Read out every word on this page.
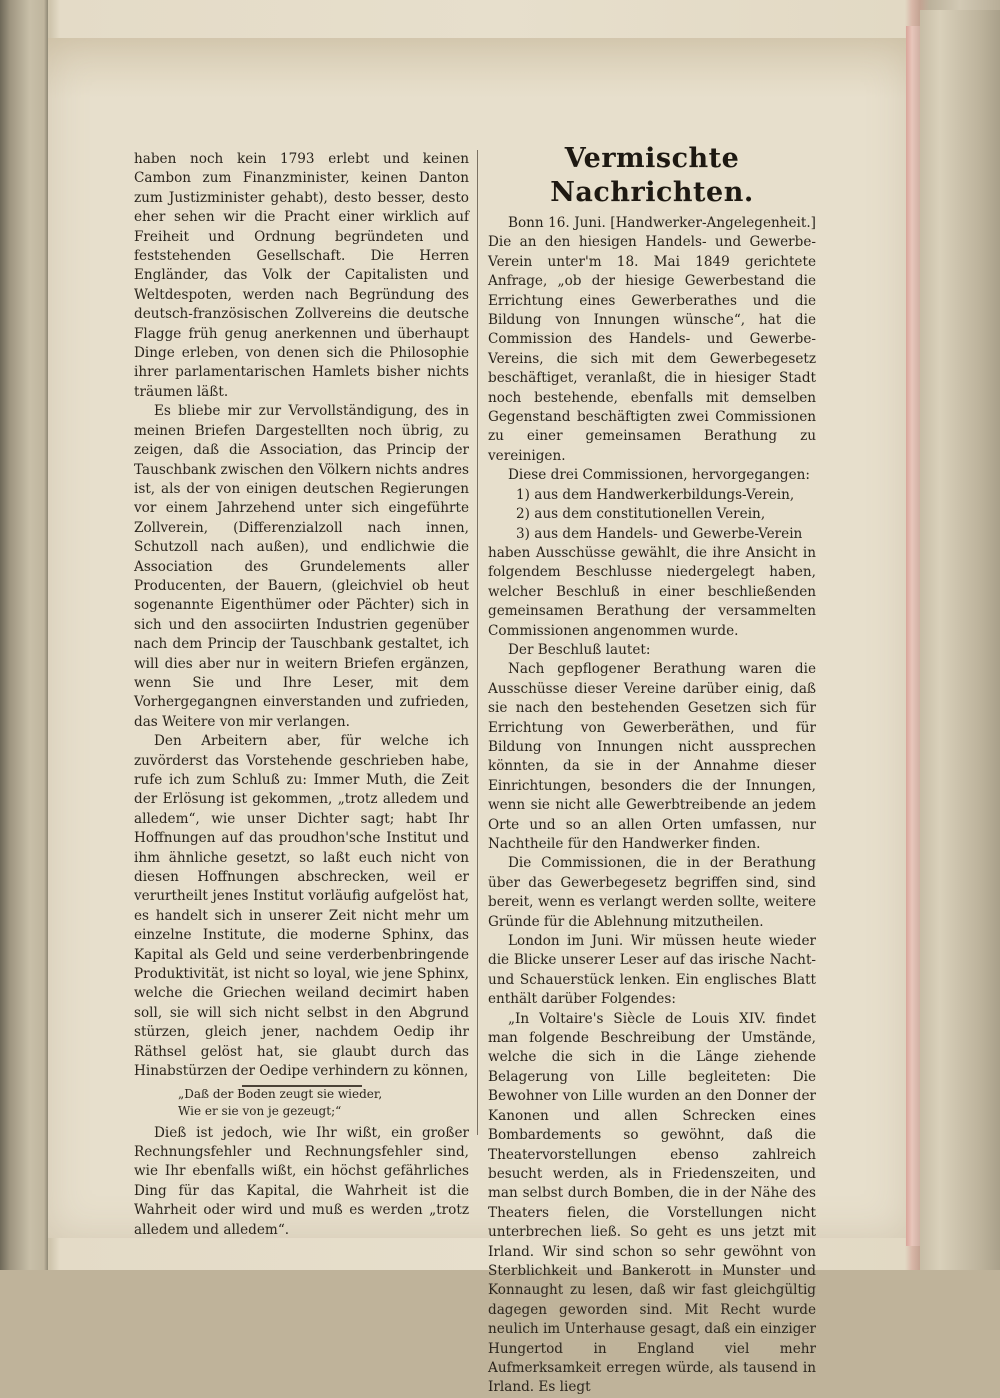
haben noch kein 1793 erlebt und keinen Cambon zum Finanzminister, keinen Danton zum Justizminister gehabt), desto besser, desto eher sehen wir die Pracht einer wirklich auf Freiheit und Ordnung begründeten und feststehenden Gesellschaft. Die Herren Engländer, das Volk der Capitalisten und Weltdespoten, werden nach Begründung des deutsch-französischen Zollvereins die deutsche Flagge früh genug anerkennen und überhaupt Dinge erleben, von denen sich die Philosophie ihrer parlamentarischen Hamlets bisher nichts träumen läßt.

Es bliebe mir zur Vervollständigung, des in meinen Briefen Dargestellten noch übrig, zu zeigen, daß die Association, das Princip der Tauschbank zwischen den Völkern nichts andres ist, als der von einigen deutschen Regierungen vor einem Jahrzehend unter sich eingeführte Zollverein, (Differenzialzoll nach innen, Schutzoll nach außen), und endlichwie die Association des Grundelements aller Producenten, der Bauern, (gleichviel ob heut sogenannte Eigenthümer oder Pächter) sich in sich und den associirten Industrien gegenüber nach dem Princip der Tauschbank gestaltet, ich will dies aber nur in weitern Briefen ergänzen, wenn Sie und Ihre Leser, mit dem Vorhergegangnen einverstanden und zufrieden, das Weitere von mir verlangen.

Den Arbeitern aber, für welche ich zuvörderst das Vorstehende geschrieben habe, rufe ich zum Schluß zu: Immer Muth, die Zeit der Erlösung ist gekommen, „trotz alledem und alledem“, wie unser Dichter sagt; habt Ihr Hoffnungen auf das proudhon'sche Institut und ihm ähnliche gesetzt, so laßt euch nicht von diesen Hoffnungen abschrecken, weil er verurtheilt jenes Institut vorläufig aufgelöst hat, es handelt sich in unserer Zeit nicht mehr um einzelne Institute, die moderne Sphinx, das Kapital als Geld und seine verderbenbringende Produktivität, ist nicht so loyal, wie jene Sphinx, welche die Griechen weiland decimirt haben soll, sie will sich nicht selbst in den Abgrund stürzen, gleich jener, nachdem Oedip ihr Räthsel gelöst hat, sie glaubt durch das Hinabstürzen der Oedipe verhindern zu können,

„Daß der Boden zeugt sie wieder,
Wie er sie von je gezeugt;“

Dieß ist jedoch, wie Ihr wißt, ein großer Rechnungsfehler und Rechnungsfehler sind, wie Ihr ebenfalls wißt, ein höchst gefährliches Ding für das Kapital, die Wahrheit ist die Wahrheit oder wird und muß es werden „trotz alledem und alledem“.

Vermischte Nachrichten.

Bonn 16. Juni. [Handwerker-Angelegenheit.] Die an den hiesigen Handels- und Gewerbe-Verein unter'm 18. Mai 1849 gerichtete Anfrage, „ob der hiesige Gewerbestand die Errichtung eines Gewerberathes und die Bildung von Innungen wünsche“, hat die Commission des Handels- und Gewerbe-Vereins, die sich mit dem Gewerbegesetz beschäftiget, veranlaßt, die in hiesiger Stadt noch bestehende, ebenfalls mit demselben Gegenstand beschäftigten zwei Commissionen zu einer gemeinsamen Berathung zu vereinigen.

Diese drei Commissionen, hervorgegangen:

1) aus dem Handwerkerbildungs-Verein,
2) aus dem constitutionellen Verein,
3) aus dem Handels- und Gewerbe-Verein

haben Ausschüsse gewählt, die ihre Ansicht in folgendem Beschlusse niedergelegt haben, welcher Beschluß in einer beschließenden gemeinsamen Berathung der versammelten Commissionen angenommen wurde.

Der Beschluß lautet:

Nach gepflogener Berathung waren die Ausschüsse dieser Vereine darüber einig, daß sie nach den bestehenden Gesetzen sich für Errichtung von Gewerberäthen, und für Bildung von Innungen nicht aussprechen könnten, da sie in der Annahme dieser Einrichtungen, besonders die der Innungen, wenn sie nicht alle Gewerbtreibende an jedem Orte und so an allen Orten umfassen, nur Nachtheile für den Handwerker finden.

Die Commissionen, die in der Berathung über das Gewerbegesetz begriffen sind, sind bereit, wenn es verlangt werden sollte, weitere Gründe für die Ablehnung mitzutheilen.

London im Juni. Wir müssen heute wieder die Blicke unserer Leser auf das irische Nacht- und Schauerstück lenken. Ein englisches Blatt enthält darüber Folgendes:

„In Voltaire's Siècle de Louis XIV. findet man folgende Beschreibung der Umstände, welche die sich in die Länge ziehende Belagerung von Lille begleiteten: Die Bewohner von Lille wurden an den Donner der Kanonen und allen Schrecken eines Bombardements so gewöhnt, daß die Theatervorstellungen ebenso zahlreich besucht werden, als in Friedenszeiten, und man selbst durch Bomben, die in der Nähe des Theaters fielen, die Vorstellungen nicht unterbrechen ließ. So geht es uns jetzt mit Irland. Wir sind schon so sehr gewöhnt von Sterblichkeit und Bankerott in Munster und Konnaught zu lesen, daß wir fast gleichgültig dagegen geworden sind. Mit Recht wurde neulich im Unterhause gesagt, daß ein einziger Hungertod in England viel mehr Aufmerksamkeit erregen würde, als tausend in Irland. Es liegt
